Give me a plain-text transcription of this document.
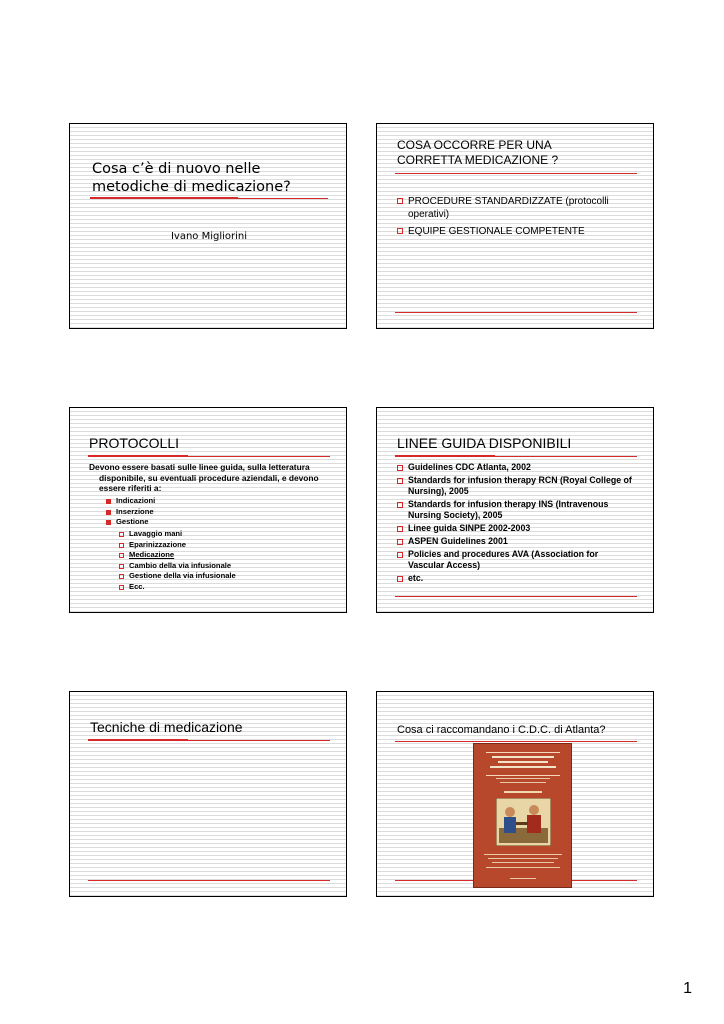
Cosa c’è di nuovo nelle metodiche di medicazione?
Ivano Migliorini
COSA OCCORRE PER UNA CORRETTA MEDICAZIONE ?
PROCEDURE STANDARDIZZATE (protocolli operativi)
EQUIPE GESTIONALE COMPETENTE
PROTOCOLLI
Devono essere basati sulle linee guida, sulla letteratura disponibile, su eventuali procedure aziendali, e devono essere riferiti a:
Indicazioni
Inserzione
Gestione
Lavaggio mani
Eparinizzazione
Medicazione
Cambio della via infusionale
Gestione della via infusionale
Ecc.
LINEE GUIDA DISPONIBILI
Guidelines CDC Atlanta, 2002
Standards for infusion therapy RCN (Royal College of Nursing), 2005
Standards for infusion therapy INS (Intravenous Nursing Society), 2005
Linee guida SINPE 2002-2003
ASPEN Guidelines 2001
Policies and procedures AVA (Association for Vascular Access)
etc.
Tecniche di medicazione	Cosa ci raccomandano i C.D.C. di Atlanta?
1
